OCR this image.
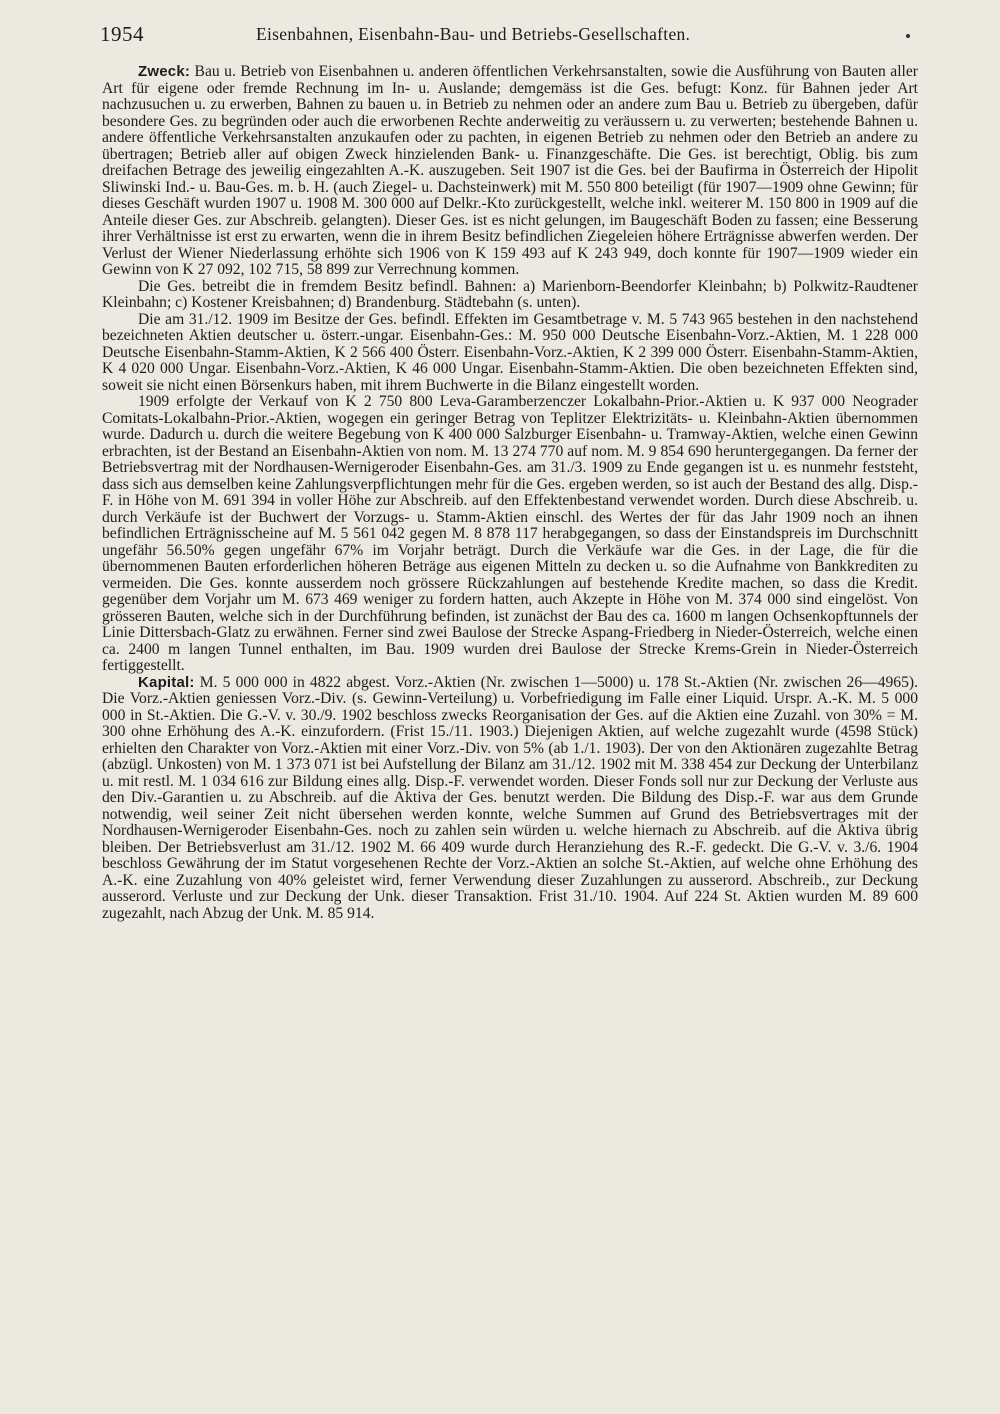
1954	Eisenbahnen, Eisenbahn-Bau- und Betriebs-Gesellschaften.

Zweck: Bau u. Betrieb von Eisenbahnen u. anderen öffentlichen Verkehrsanstalten, sowie die Ausführung von Bauten aller Art für eigene oder fremde Rechnung im In- u. Auslande; demgemäss ist die Ges. befugt: Konz. für Bahnen jeder Art nachzusuchen u. zu erwerben, Bahnen zu bauen u. in Betrieb zu nehmen oder an andere zum Bau u. Betrieb zu übergeben, dafür besondere Ges. zu begründen oder auch die erworbenen Rechte anderweitig zu veräussern u. zu verwerten; bestehende Bahnen u. andere öffentliche Verkehrsanstalten anzukaufen oder zu pachten, in eigenen Betrieb zu nehmen oder den Betrieb an andere zu übertragen; Betrieb aller auf obigen Zweck hinzielenden Bank- u. Finanzgeschäfte. Die Ges. ist berechtigt, Oblig. bis zum dreifachen Betrage des jeweilig eingezahlten A.-K. auszugeben. Seit 1907 ist die Ges. bei der Baufirma in Österreich der Hipolit Sliwinski Ind.- u. Bau-Ges. m. b. H. (auch Ziegel- u. Dachsteinwerk) mit M. 550 800 beteiligt (für 1907—1909 ohne Gewinn; für dieses Geschäft wurden 1907 u. 1908 M. 300 000 auf Delkr.-Kto zurückgestellt, welche inkl. weiterer M. 150 800 in 1909 auf die Anteile dieser Ges. zur Abschreib. gelangten). Dieser Ges. ist es nicht gelungen, im Baugeschäft Boden zu fassen; eine Besserung ihrer Verhältnisse ist erst zu erwarten, wenn die in ihrem Besitz befindlichen Ziegeleien höhere Erträgnisse abwerfen werden. Der Verlust der Wiener Niederlassung erhöhte sich 1906 von K 159 493 auf K 243 949, doch konnte für 1907—1909 wieder ein Gewinn von K 27 092, 102 715, 58 899 zur Verrechnung kommen.

Die Ges. betreibt die in fremdem Besitz befindl. Bahnen: a) Marienborn-Beendorfer Kleinbahn; b) Polkwitz-Raudtener Kleinbahn; c) Kostener Kreisbahnen; d) Brandenburg. Städtebahn (s. unten).

Die am 31./12. 1909 im Besitze der Ges. befindl. Effekten im Gesamtbetrage v. M. 5 743 965 bestehen in den nachstehend bezeichneten Aktien deutscher u. österr.-ungar. Eisenbahn-Ges.: M. 950 000 Deutsche Eisenbahn-Vorz.-Aktien, M. 1 228 000 Deutsche Eisenbahn-Stamm-Aktien, K 2 566 400 Österr. Eisenbahn-Vorz.-Aktien, K 2 399 000 Österr. Eisenbahn-Stamm-Aktien, K 4 020 000 Ungar. Eisenbahn-Vorz.-Aktien, K 46 000 Ungar. Eisenbahn-Stamm-Aktien. Die oben bezeichneten Effekten sind, soweit sie nicht einen Börsenkurs haben, mit ihrem Buchwerte in die Bilanz eingestellt worden.

1909 erfolgte der Verkauf von K 2 750 800 Leva-Garamberzenczer Lokalbahn-Prior.-Aktien u. K 937 000 Neograder Comitats-Lokalbahn-Prior.-Aktien, wogegen ein geringer Betrag von Teplitzer Elektrizitäts- u. Kleinbahn-Aktien übernommen wurde. Dadurch u. durch die weitere Begebung von K 400 000 Salzburger Eisenbahn- u. Tramway-Aktien, welche einen Gewinn erbrachten, ist der Bestand an Eisenbahn-Aktien von nom. M. 13 274 770 auf nom. M. 9 854 690 heruntergegangen. Da ferner der Betriebsvertrag mit der Nordhausen-Wernigeroder Eisenbahn-Ges. am 31./3. 1909 zu Ende gegangen ist u. es nunmehr feststeht, dass sich aus demselben keine Zahlungsverpflichtungen mehr für die Ges. ergeben werden, so ist auch der Bestand des allg. Disp.-F. in Höhe von M. 691 394 in voller Höhe zur Abschreib. auf den Effektenbestand verwendet worden. Durch diese Abschreib. u. durch Verkäufe ist der Buchwert der Vorzugs- u. Stamm-Aktien einschl. des Wertes der für das Jahr 1909 noch an ihnen befindlichen Erträgnisscheine auf M. 5 561 042 gegen M. 8 878 117 herabgegangen, so dass der Einstandspreis im Durchschnitt ungefähr 56.50% gegen ungefähr 67% im Vorjahr beträgt. Durch die Verkäufe war die Ges. in der Lage, die für die übernommenen Bauten erforderlichen höheren Beträge aus eigenen Mitteln zu decken u. so die Aufnahme von Bankkrediten zu vermeiden. Die Ges. konnte ausserdem noch grössere Rückzahlungen auf bestehende Kredite machen, so dass die Kredit. gegenüber dem Vorjahr um M. 673 469 weniger zu fordern hatten, auch Akzepte in Höhe von M. 374 000 sind eingelöst. Von grösseren Bauten, welche sich in der Durchführung befinden, ist zunächst der Bau des ca. 1600 m langen Ochsenkopftunnels der Linie Dittersbach-Glatz zu erwähnen. Ferner sind zwei Baulose der Strecke Aspang-Friedberg in Nieder-Österreich, welche einen ca. 2400 m langen Tunnel enthalten, im Bau. 1909 wurden drei Baulose der Strecke Krems-Grein in Nieder-Österreich fertiggestellt.

Kapital: M. 5 000 000 in 4822 abgest. Vorz.-Aktien (Nr. zwischen 1—5000) u. 178 St.-Aktien (Nr. zwischen 26—4965). Die Vorz.-Aktien geniessen Vorz.-Div. (s. Gewinn-Verteilung) u. Vorbefriedigung im Falle einer Liquid. Urspr. A.-K. M. 5 000 000 in St.-Aktien. Die G.-V. v. 30./9. 1902 beschloss zwecks Reorganisation der Ges. auf die Aktien eine Zuzahl. von 30% = M. 300 ohne Erhöhung des A.-K. einzufordern. (Frist 15./11. 1903.) Diejenigen Aktien, auf welche zugezahlt wurde (4598 Stück) erhielten den Charakter von Vorz.-Aktien mit einer Vorz.-Div. von 5% (ab 1./1. 1903). Der von den Aktionären zugezahlte Betrag (abzügl. Unkosten) von M. 1 373 071 ist bei Aufstellung der Bilanz am 31./12. 1902 mit M. 338 454 zur Deckung der Unterbilanz u. mit restl. M. 1 034 616 zur Bildung eines allg. Disp.-F. verwendet worden. Dieser Fonds soll nur zur Deckung der Verluste aus den Div.-Garantien u. zu Abschreib. auf die Aktiva der Ges. benutzt werden. Die Bildung des Disp.-F. war aus dem Grunde notwendig, weil seiner Zeit nicht übersehen werden konnte, welche Summen auf Grund des Betriebsvertrages mit der Nordhausen-Wernigeroder Eisenbahn-Ges. noch zu zahlen sein würden u. welche hiernach zu Abschreib. auf die Aktiva übrig bleiben. Der Betriebsverlust am 31./12. 1902 M. 66 409 wurde durch Heranziehung des R.-F. gedeckt. Die G.-V. v. 3./6. 1904 beschloss Gewährung der im Statut vorgesehenen Rechte der Vorz.-Aktien an solche St.-Aktien, auf welche ohne Erhöhung des A.-K. eine Zuzahlung von 40% geleistet wird, ferner Verwendung dieser Zuzahlungen zu ausserord. Abschreib., zur Deckung ausserord. Verluste und zur Deckung der Unk. dieser Transaktion. Frist 31./10. 1904. Auf 224 St. Aktien wurden M. 89 600 zugezahlt, nach Abzug der Unk. M. 85 914.
